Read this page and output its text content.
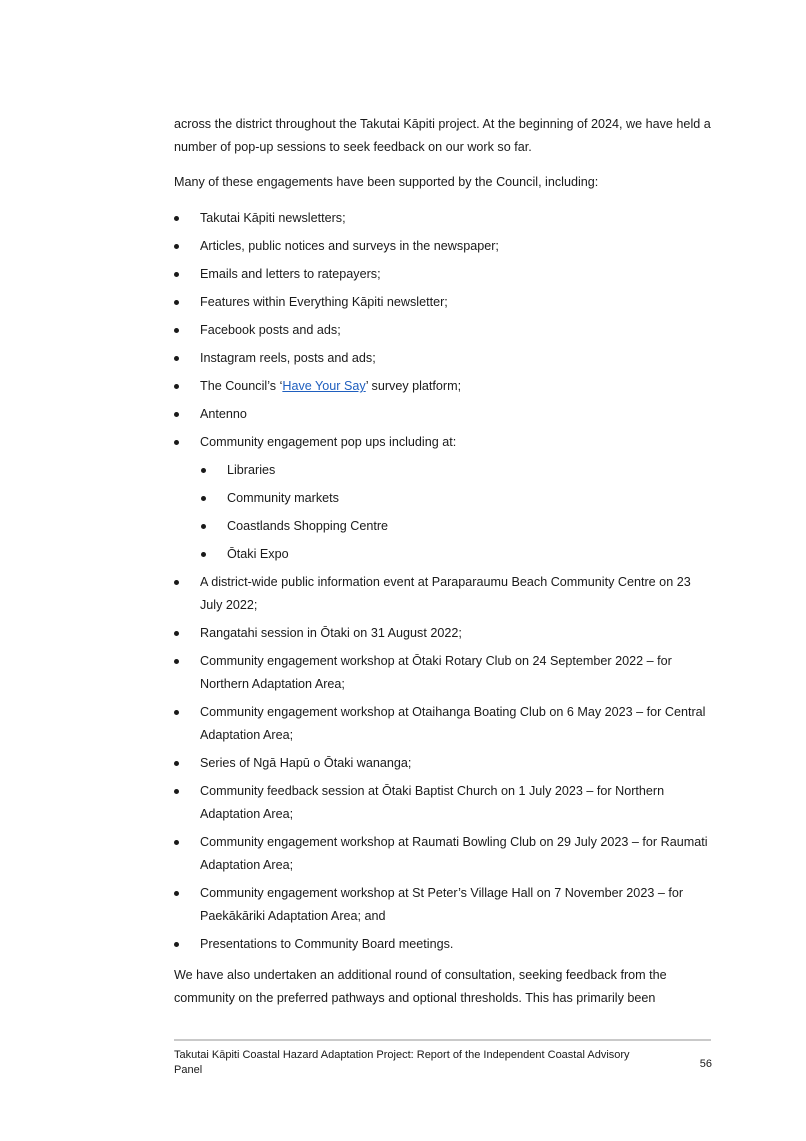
across the district throughout the Takutai Kāpiti project. At the beginning of 2024, we have held a number of pop-up sessions to seek feedback on our work so far.

Many of these engagements have been supported by the Council, including:

Takutai Kāpiti newsletters;
Articles, public notices and surveys in the newspaper;
Emails and letters to ratepayers;
Features within Everything Kāpiti newsletter;
Facebook posts and ads;
Instagram reels, posts and ads;
The Council’s ‘Have Your Say’ survey platform;
Antenno
Community engagement pop ups including at:
Libraries
Community markets
Coastlands Shopping Centre
Ōtaki Expo
A district-wide public information event at Paraparaumu Beach Community Centre on 23 July 2022;
Rangatahi session in Ōtaki on 31 August 2022;
Community engagement workshop at Ōtaki Rotary Club on 24 September 2022 – for Northern Adaptation Area;
Community engagement workshop at Otaihanga Boating Club on 6 May 2023 – for Central Adaptation Area;
Series of Ngā Hapū o Ōtaki wananga;
Community feedback session at Ōtaki Baptist Church on 1 July 2023 – for Northern Adaptation Area;
Community engagement workshop at Raumati Bowling Club on 29 July 2023 – for Raumati Adaptation Area;
Community engagement workshop at St Peter’s Village Hall on 7 November 2023 – for Paekākāriki Adaptation Area; and
Presentations to Community Board meetings.

We have also undertaken an additional round of consultation, seeking feedback from the community on the preferred pathways and optional thresholds. This has primarily been

Takutai Kāpiti Coastal Hazard Adaptation Project: Report of the Independent Coastal Advisory Panel	56
